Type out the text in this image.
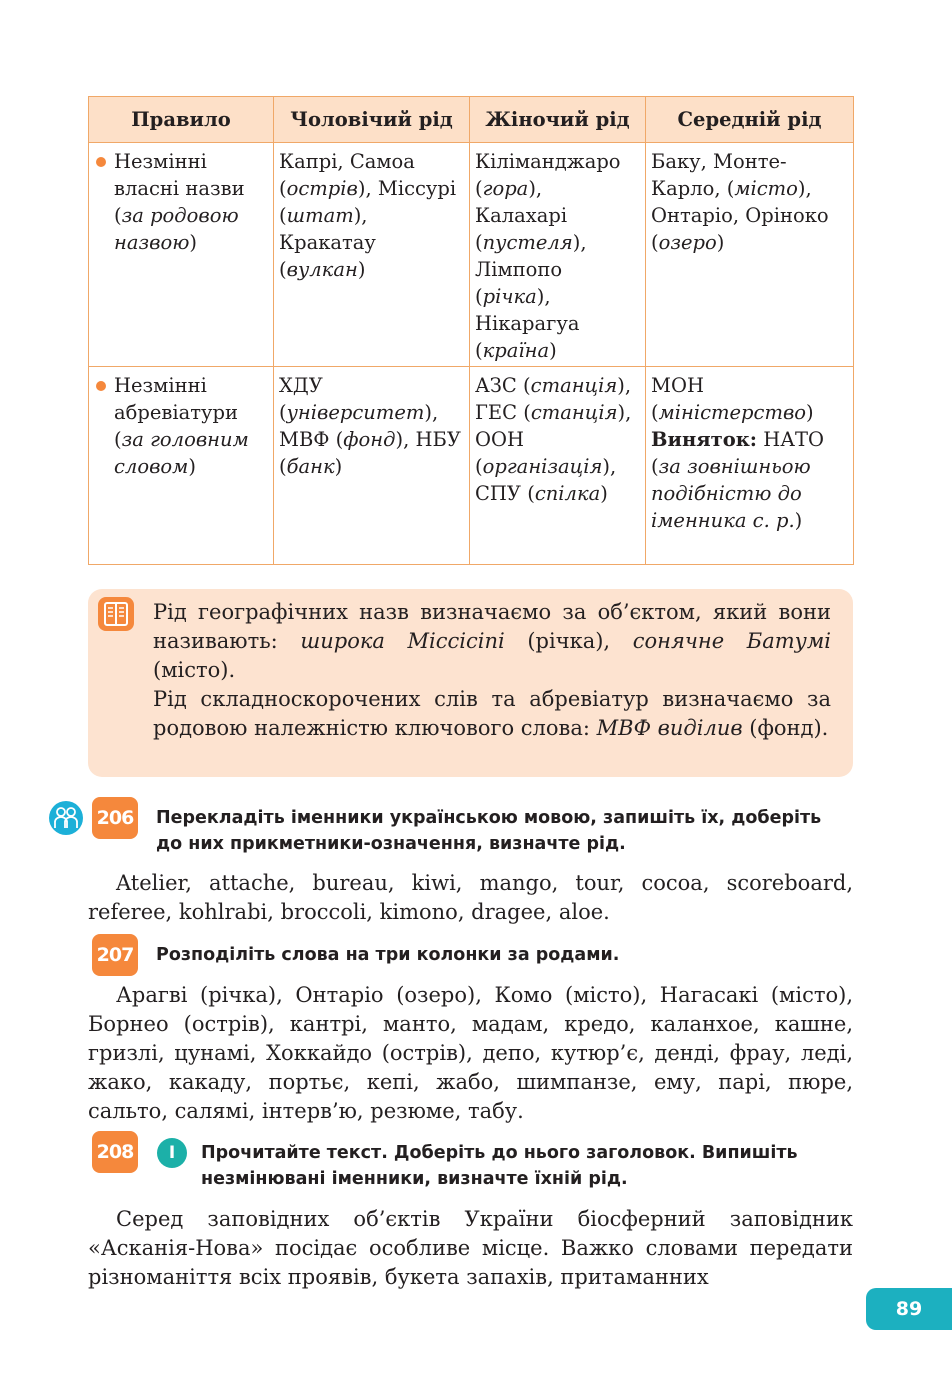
Правило	Чоловічий рід	Жіночий рід	Середній рід

Незмінні власні назви (за родовою назвою)	Капрі, Самоа (острів), Міссурі (штат), Кракатау (вулкан)	Кіліманджаро (гора), Калахарі (пустеля), Лімпопо (річка), Нікарагуа (країна)	Баку, Монте-Карло, (місто), Онтаріо, Оріноко (озеро)

Незмінні абревіатури (за головним словом)	ХДУ (університет), МВФ (фонд), НБУ (банк)	АЗС (станція), ГЕС (станція), ООН (організація), СПУ (спілка)	МОН (міністерство) Виняток: НАТО (за зовнішньою подібністю до іменника с. р.)

Рід географічних назв визначаємо за об’єктом, який вони називають: широка Міссісіпі (річка), сонячне Батумі (місто).

Рід складноскорочених слів та абревіатур визначаємо за родовою належністю ключового слова: МВФ виділив (фонд).

206 Перекладіть іменники українською мовою, запишіть їх, доберіть до них прикметники-означення, визначте рід.
Atelier, attache, bureau, kiwi, mango, tour, cocoa, scoreboard, referee, kohlrabi, broccoli, kimono, dragee, aloe.
207 Розподіліть слова на три колонки за родами.
Арагві (річка), Онтаріо (озеро), Комо (місто), Нагасакі (місто), Борнео (острів), кантрі, манто, мадам, кредо, каланхое, кашне, гризлі, цунамі, Хоккайдо (острів), депо, кутюр’є, денді, фрау, леді, жако, какаду, портьє, кепі, жабо, шимпанзе, ему, парі, пюре, сальто, салямі, інтерв’ю, резюме, табу.
208	I	Прочитайте текст. Доберіть до нього заголовок. Випишіть незмінювані іменники, визначте їхній рід.
Серед заповідних об’єктів України біосферний заповідник «Асканія-Нова» посідає особливе місце. Важко словами передати різноманіття всіх проявів, букета запахів, притаманних
89
